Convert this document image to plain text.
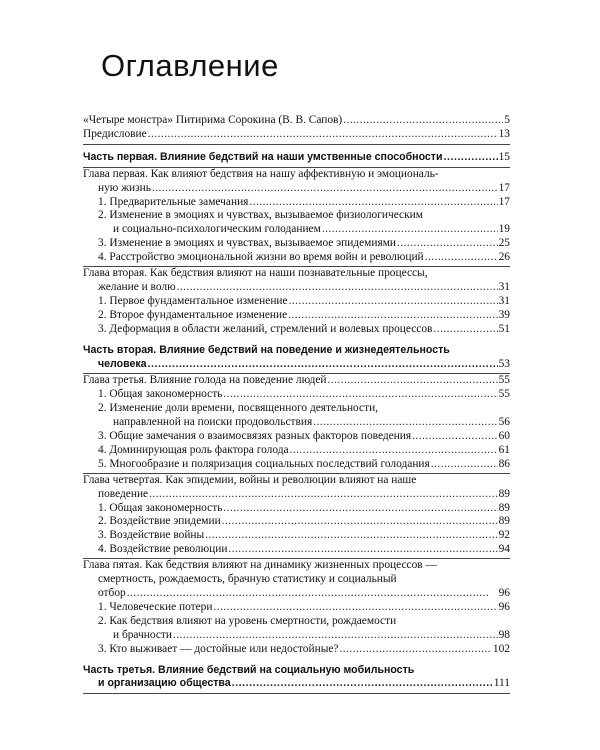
Оглавление
«Четыре монстра» Питирима Сорокина (В. В. Сапов) . . .	5
Предисловие . . .	13
Часть первая. Влияние бедствий на наши умственные способности . . .	15
Глава первая. Как влияют бедствия на нашу аффективную и эмоциональ-
ную жизнь . . .	17
1. Предварительные замечания . . .	17
2. Изменение в эмоциях и чувствах, вызываемое физиологическим
и социально-психологическим голоданием . . .	19
3. Изменение в эмоциях и чувствах, вызываемое эпидемиями . . .	25
4. Расстройство эмоциональной жизни во время войн и революций . . .	26
Глава вторая. Как бедствия влияют на наши познавательные процессы,
желание и волю . . .	31
1. Первое фундаментальное изменение . . .	31
2. Второе фундаментальное изменение . . .	39
3. Деформация в области желаний, стремлений и волевых процессов . . .	51
Часть вторая. Влияние бедствий на поведение и жизнедеятельность
человека . . .	53
Глава третья. Влияние голода на поведение людей . . .	55
1. Общая закономерность . . .	55
2. Изменение доли времени, посвященного деятельности,
направленной на поиски продовольствия . . .	56
3. Общие замечания о взаимосвязях разных факторов поведения . . .	60
4. Доминирующая роль фактора голода . . .	61
5. Многообразие и поляризация социальных последствий голодания . . .	86
Глава четвертая. Как эпидемии, войны и революции влияют на наше
поведение . . .	89
1. Общая закономерность . . .	89
2. Воздействие эпидемии . . .	89
3. Воздействие войны . . .	92
4. Воздействие революции . . .	94
Глава пятая. Как бедствия влияют на динамику жизненных процессов —
смертность, рождаемость, брачную статистику и социальный
отбор . . .	96
1. Человеческие потери . . .	96
2. Как бедствия влияют на уровень смертности, рождаемости
и брачности . . .	98
3. Кто выживает — достойные или недостойные? . . .	102
Часть третья. Влияние бедствий на социальную мобильность
и организацию общества . . .	111
